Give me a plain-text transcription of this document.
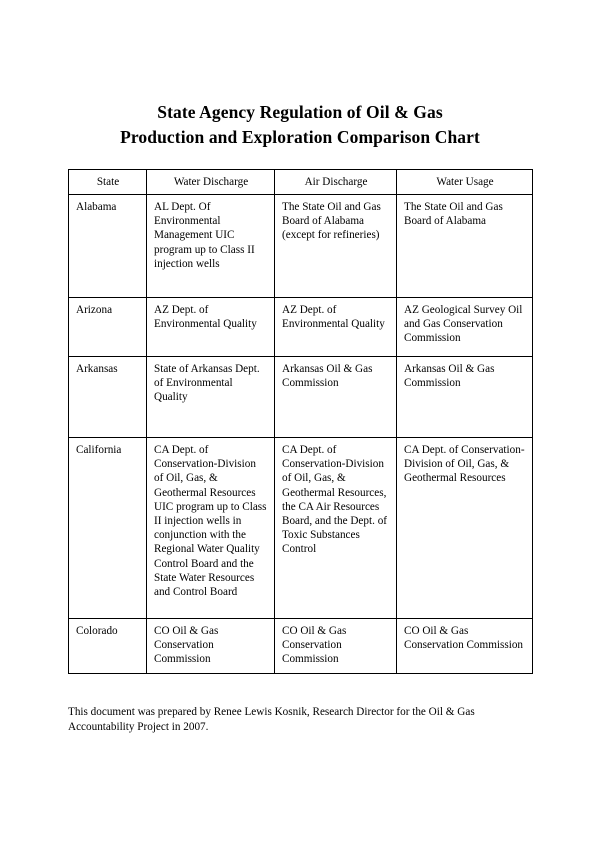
State Agency Regulation of Oil & Gas
Production and Exploration Comparison Chart
State	Water Discharge	Air Discharge	Water Usage
Alabama	AL Dept. Of Environmental Management UIC program up to Class II injection wells	The State Oil and Gas Board of Alabama (except for refineries)	The State Oil and Gas Board of Alabama
Arizona	AZ Dept. of Environmental Quality	AZ Dept. of Environmental Quality	AZ Geological Survey Oil and Gas Conservation Commission
Arkansas	State of Arkansas Dept. of Environmental Quality	Arkansas Oil & Gas Commission	Arkansas Oil & Gas Commission
California	CA Dept. of Conservation-Division of Oil, Gas, & Geothermal Resources UIC program up to Class II injection wells in conjunction with the Regional Water Quality Control Board and the State Water Resources and Control Board	CA Dept. of Conservation-Division of Oil, Gas, & Geothermal Resources, the CA Air Resources Board, and the Dept. of Toxic Substances Control	CA Dept. of Conservation-Division of Oil, Gas, & Geothermal Resources
Colorado	CO Oil & Gas Conservation Commission	CO Oil & Gas Conservation Commission	CO Oil & Gas Conservation Commission
This document was prepared by Renee Lewis Kosnik, Research Director for the Oil & Gas Accountability Project in 2007.
